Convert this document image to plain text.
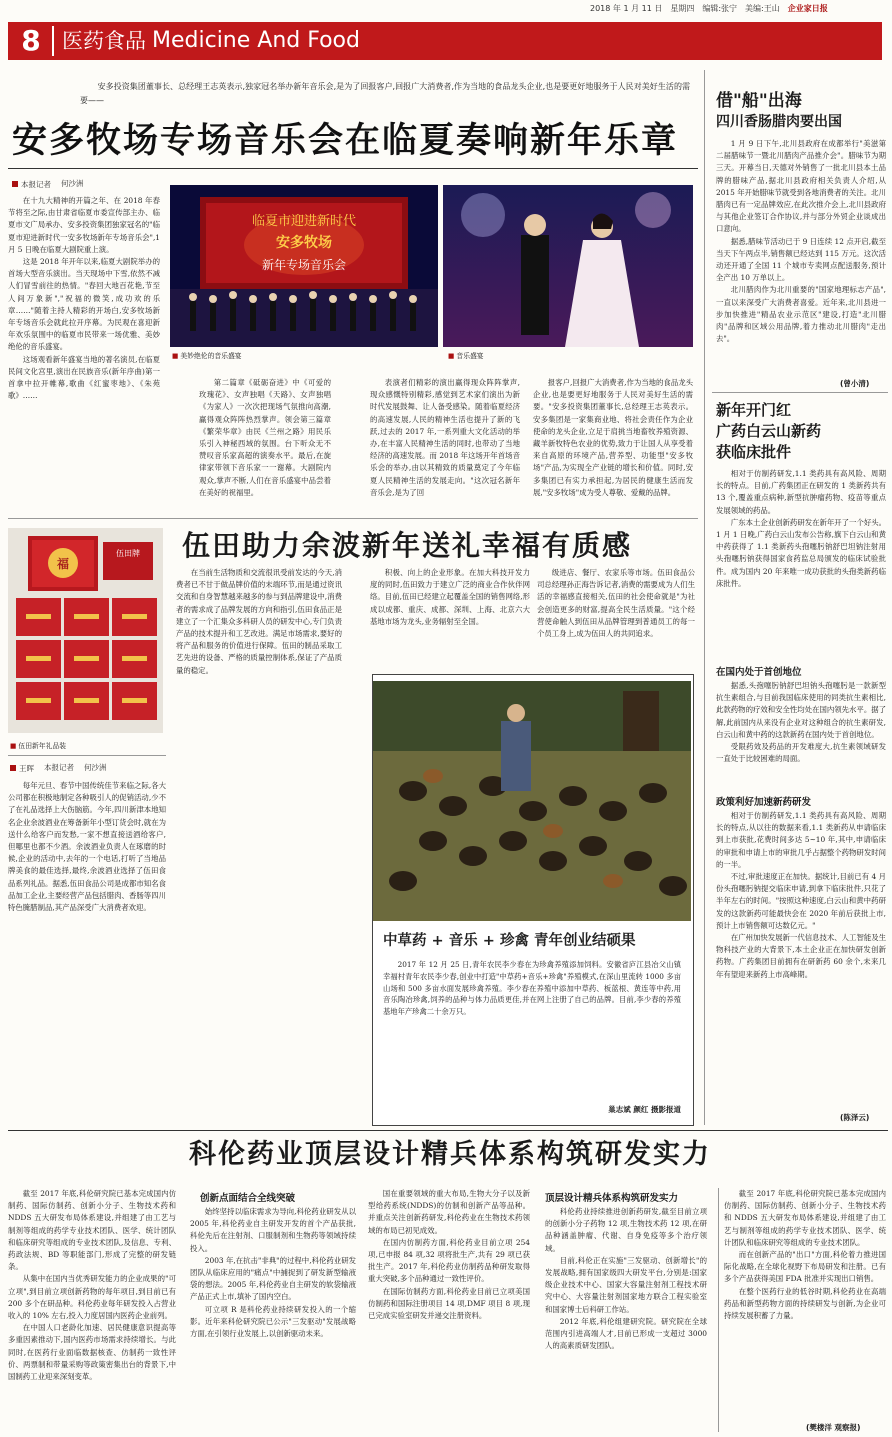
2018 年 1 月 11 日 星期四 编辑:张宁 美编:王山 企业家日报
8	医药食品 Medicine And Food
安多投资集团董事长、总经理王志英表示,独家冠名举办新年音乐会,是为了回报客户,回报广大消费者,作为当地的食品龙头企业,也是要更好地服务于人民对美好生活的需要——
安多牧场专场音乐会在临夏奏响新年乐章
本报记者 何沙洲

在十九大精神的开篇之年、在 2018 年春节将至之际,由甘肃省临夏市委宣传部主办、临夏市文广局承办、安多投资集团独家冠名的"临夏市迎进新时代一安多牧场新年专场音乐会",1 月 5 日晚在临夏大剧院重上演。

这是 2018 年开年以来,临夏大剧院举办的首场大型音乐演出。当天现场中下雪,依然不减人们冒雪前往的热情。"春回大地百花艳,节至人间万象新","祝福的微笑,成功欢的乐章……"随着主持人精彩的开场白,安多牧场新年专场音乐会就此拉开序幕。为民观在喜迎新年欢乐氛围中的临夏市民带来一场优雅、美妙绝伦的音乐盛宴。

这场观看新年盛宴当地的著名演员,在临夏民间文化宫里,演出在民族音乐(新年序曲)第一首拿中拉开帷幕,歌曲《红蜜枣地》、《朱苑歌》……

临夏市迎进新时代
安多牧场
新年专场音乐会
■ 美妙绝伦的音乐盛宴
■	音乐盛宴
第二篇章《砥砺奋进》中《可爱的玫瑰花》、女声独唱《天路》、女声独唱《为家人》一次次把现场气氛推向高潮,赢得观众阵阵热烈掌声。领会第三篇章《繁荣华章》由民《兰州之路》用民乐乐引入神秘西域的氛围。台下听众无不赞叹音乐家高超的演奏水平。最后,在旋律家带领下音乐家一一谢幕。大剧院内观众,掌声不断,人们在音乐盛宴中品尝着在美好的祝福里。
表演者们精彩的演出赢得现众阵阵掌声,现众感慨特别精彩,感觉到艺术家们演出为新时代发展鼓舞、让人备受感染。随着临夏经济的高速发展,人民的精神生活也提升了新的飞跃,过去的 2017 年,一系列重大文化活动的举办,在丰富人民精神生活的同时,也带动了当地经济的高速发展。而 2018 年这场开年首场音乐会的举办,由以其精致的质量奠定了今年临夏人民精神生活的发展走向。"这次冠名新年音乐会,是为了回
报客户,回报广大消费者,作为当地的食品龙头企业,也是要更好地服务于人民对美好生活的需要。"安多投资集团董事长,总经理王志英表示。安多集团是一家集商业地、将社会责任作为企业使命的龙头企业,立足于肩挑当地畜牧养殖资源、藏羊新牧特色农业的优势,致力于让国人从享受着来自高原的环境产品,营养型、功能型"安多牧场"产品,为实现全产业链的增长和价值。同时,安多集团已有实力承担起,为居民的健康生活而发展,"安多牧场"成为受人尊敬、爱戴的品牌。
福
伍田牌
■ 伍田新年礼品装
伍田助力余波新年送礼幸福有质感
在当前生活物质和交流很讯受前发达的今天,消费者已不甘于做品牌价值的末端环节,而是通过资讯交流和自身智慧越来越多的参与到品牌建设中,消费者的需求成了品牌发展的方向和指引,伍田食品正是建立了一个汇集众多科研人员的研发中心,专门负责产品的技术提升和工艺改进。满足市场需求,要好的将产品和服务的价值进行保障。伍田的制品采取工艺先进的设备、严格的质量控制体系,保证了产品质量的稳定。
积极、向上的企业形象。在加大科技开发力度的同时,伍田致力于建立广泛的商业合作伙伴网络。目前,伍田已经建立起覆盖全国的销售网络,形成以成都、重庆、成都、深圳、上海、北京六大基地市场为龙头,业务辐射至全国。
级进店、餐厅、农家乐等市场。伍田食品公司总经理孙正海告诉记者,消费的需要成为人们生活的幸福感直接相关,伍田的社会使命就是"为社会创造更多的财富,提高全民生活质量。"这个经营使命触人到伍田从品牌管理到普通员工的每一个员工身上,成为伍田人的共同追求。
王晖 本报记者 何沙洲
每年元旦、春节中国传统佳节来临之际,各大公司都在积极地制定各种吸引人的促销活动,少不了在礼品选择上大伤脑筋。今年,四川新津本地知名企业余波酒业在筹备新年小型订货会时,就在为送什么给客户而发愁,一家不想直接送酒给客户,但哪里也都不少酒。余波酒业负责人在琢磨的时候,企业的活动中,去年的一个电话,打听了当地品牌美食的最佳选择,最终,余波酒业选择了伍田食品系列礼品。据悉,伍田食品公司是成都市知名食品加工企业,主要经营产品包括腊肉、香肠等四川特色腌腊制品,其产品深受广大消费者欢迎。
中草药 + 音乐 + 珍禽 青年创业结硕果
2017 年 12 月 25 日,青年农民李少春在为珍禽养殖添加饲料。安徽省庐江县冶父山镇幸福村青年农民李少春,创业中打造"中草药+音乐+珍禽"养殖模式,在深山里流转 1000 多亩山场和 500 多亩水面发展珍禽养殖。李少春在养殖中添加中草药、板蓝根、黄连等中药,用音乐陶冶珍禽,饲养的品种与体力品质更佳,并在网上注册了自己的品牌。目前,李少春的养殖基地年产珍禽二十余万只。
巢志斌 颜红 摄影报道
借"船"出海
四川香肠腊肉要出国

1 月 9 日下午,北川县政府在成都举行"美滋第二届腊味节一暨北川腊肉产品推介会"。腊味节为期三天。开幕当日,天德对外销售了一批北川县本土品牌的腊味产品,据北川县政府相关负责人介绍,从 2015 年开始腊味节就受到各地消费者的关注。北川腊肉已有一定品牌效应,在此次推介会上,北川县政府与其他企业签订合作协议,并与部分外贸企业谈成出口意向。

据悉,腊味节活动已于 9 日连续 12 点开启,截至当天下午两点半,销售额已经达到 115 万元。这次活动还开通了全国 11 个城市专卖网点配送服务,预计全产出 10 万单以上。

北川腊肉作为北川重要的"国家地理标志产品",一直以来深受广大消费者喜爱。近年来,北川县进一步加快推进"精品农业示范区"建设,打造"北川腊肉"品牌和区域公用品牌,着力推动北川腊肉"走出去"。

(曾小清)
新年开门红
广药白云山新药
获临床批件

相对于仿制药研发,1.1 类药具有高风险、周期长的特点。目前,广药集团正在研发的 1 类新药共有 13 个,覆盖重点病种,新型抗肿瘤药物、疫苗等重点发展领域的药品。

广东本土企业创新药研发在新年开了一个好头。1 月 1 日晚,广药白云山发布公告称,旗下白云山和黄中药获得了 1.1 类新药头孢噻肟钠舒巴坦钠注射用头孢噻肟钠获得国家食药监总局颁发的临床试验批件。成为国内 20 年来唯一成功获批的头孢类新药临床批件。

在国内处于首创地位

据悉,头孢噻肟钠舒巴坦钠头孢噻肟是一款新型抗生素组合,与目前我国临床使用的同类抗生素相比,此款药物的疗效和安全性均处在国内领先水平。据了解,此前国内从来没有企业对这种组合的抗生素研发,白云山和黄中药的这款新药在国内处于首创地位。

受限药效及药品的开发难度大,抗生素领域研发一直处于比较困难的局面。

政策利好加速新药研发

相对于仿制药研发,1.1 类药具有高风险、周期长的特点,从以往的数据来看,1.1 类新药从申请临床到上市获批,花费时间多达 5~10 年,其中,申请临床的审批和申请上市的审批几乎占据整个药物研发时间的一半。

不过,审批速度正在加快。据统计,目前已有 4 月份头孢噻肟钠提交临床申请,到拿下临床批件,只花了半年左右的时间。"按照这种速度,白云山和黄中药研发的这款新药可能最快会在 2020 年前后获批上市,预计上市销售额可达数亿元。"

在广州加快发展新一代信息技术、人工智能及生物科技产业的大背景下,本土企业正在加快研发创新药物。广药集团目前拥有在研新药 60 余个,未来几年有望迎来新药上市高峰期。

(陈泽云)
科伦药业顶层设计精兵体系构筑研发实力

截至 2017 年底,科伦研究院已基本完成国内仿制药、国际仿制药、创新小分子、生物技术药和 NDDS 五大研发布局体系建设,并组建了由工艺与制剂等组成的药学专业技术团队、医学、统计团队和临床研究等组成的专业技术团队,及信息、专利、药政法规、BD 等职能部门,形成了完整的研发链条。

从集中在国内当优秀研发能力的企业成果的"可立项",到目前立项创新药物的每年项目,到目前已有 200 多个在研品种。科伦药业每年研发投入占营业收入的 10% 左右,投入力度居国内医药企业前列。

在中国人口老龄化加速、居民健康意识提高等多重因素推动下,国内医药市场需求持续增长。与此同时,在医药行业面临数据核查、仿制药一致性评价、两票制和带量采购等政策密集出台的背景下,中国制药工业迎来深刻变革。

创新点面结合全线突破

始终坚持以临床需求为导向,科伦药业研发从以 2005 年,科伦药业自主研发开发的首个产品获批,科伦先后在注射剂、口服制剂和生物药等领域持续投入。

2003 年,在抗击"非典"的过程中,科伦药业研发团队从临床应用的"痛点"中捕捉到了研发新型输液袋的想法。2005 年,科伦药业自主研发的软袋输液产品正式上市,填补了国内空白。

可立项 R 是科伦药业持续研发投入的一个缩影。近年来科伦研究院已公示"三发驱动"发展战略方面,在引领行业发展上,以创新驱动未来。

国在重要领域的重大布局,生物大分子以及新型给药系统(NDDS)的仿制和创新产品等品种。并重点关注创新药研发,科伦药业在生物技术药领域的布局已初见成效。

在国内仿制药方面,科伦药业目前立项 254 项,已申报 84 项,32 项将批生产,共有 29 项已获批生产。2017 年,科伦药业仿制药品种研发取得重大突破,多个品种通过一致性评价。

在国际仿制药方面,科伦药业目前已立项美国仿制药和国际注册项目 14 项,DMF 项目 8 项,现已完成实验室研发并递交注册资料。

顶层设计精兵体系构筑研发实力

科伦药业持续推进创新药研发,截至目前立项的创新小分子药物 12 项,生物技术药 12 项,在研品种涵盖肿瘤、代谢、自身免疫等多个治疗领域。

目前,科伦正在实施"三发驱动、创新增长"的发展战略,拥有国家级四大研发平台,分别是:国家级企业技术中心、国家大容量注射剂工程技术研究中心、大容量注射剂国家地方联合工程实验室和国家博士后科研工作站。

2012 年底,科伦组建研究院。研究院在全球范围内引进高端人才,目前已形成一支超过 3000 人的高素质研发团队。

截至 2017 年底,科伦研究院已基本完成国内仿制药、国际仿制药、创新小分子、生物技术药和 NDDS 五大研发布局体系建设,并组建了由工艺与制剂等组成的药学专业技术团队、医学、统计团队和临床研究等组成的专业技术团队。

而在创新产品的"出口"方面,科伦着力推进国际化战略,在全球化视野下布局研发和注册。已有多个产品获得美国 FDA 批准并实现出口销售。

在整个医药行业的低谷时期,科伦药业在高端药品和新型药物方面的持续研发与创新,为企业可持续发展积蓄了力量。

(樊楼洋 观察报)
